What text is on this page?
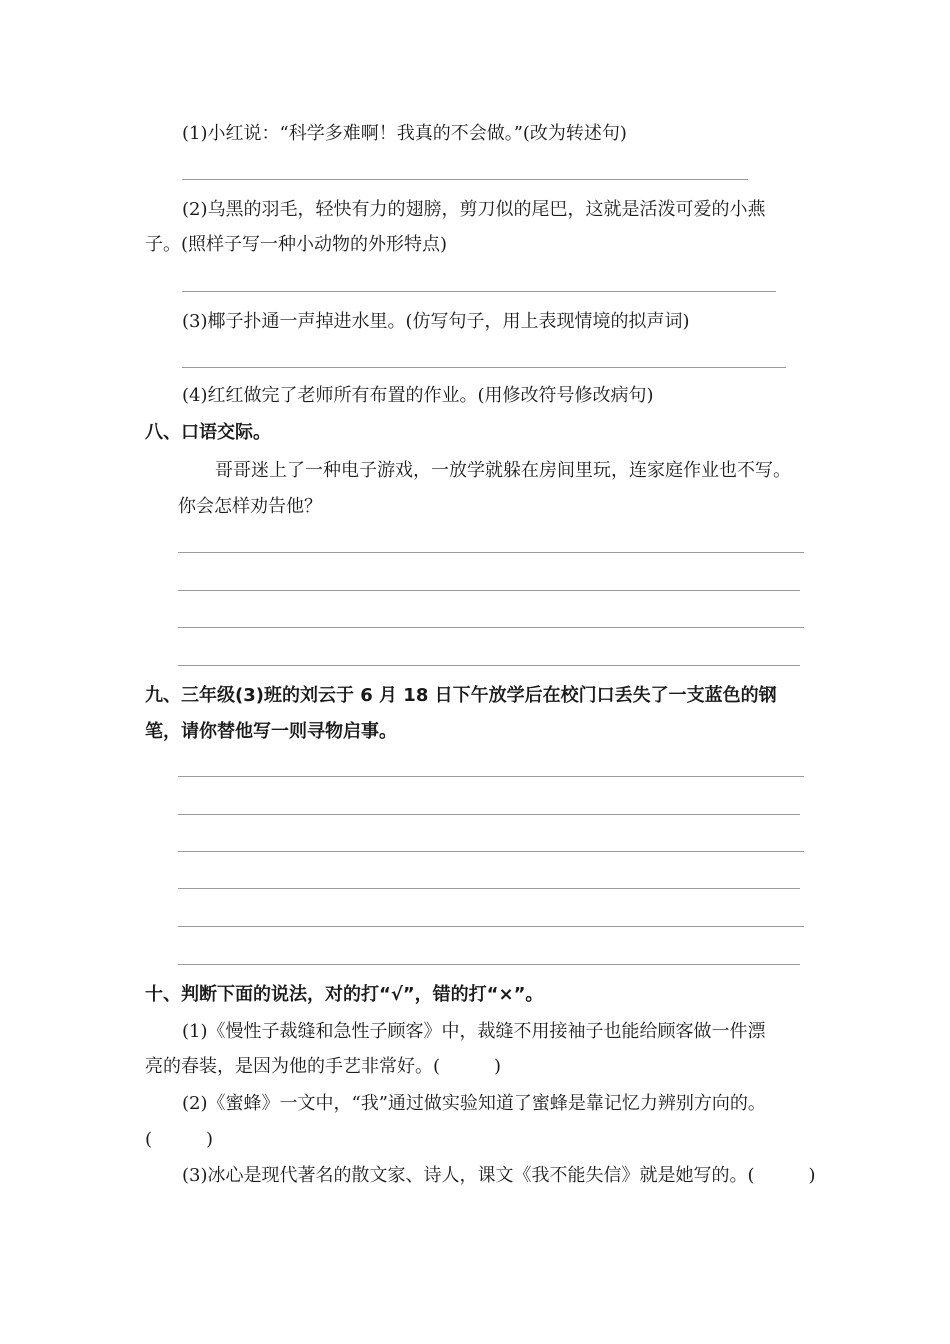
(1)小红说：“科学多难啊！我真的不会做。”(改为转述句)
(2)乌黑的羽毛，轻快有力的翅膀，剪刀似的尾巴，这就是活泼可爱的小燕
子。(照样子写一种小动物的外形特点)
(3)椰子扑通一声掉进水里。(仿写句子，用上表现情境的拟声词)
(4)红红做完了老师所有布置的作业。(用修改符号修改病句)
八、口语交际。
哥哥迷上了一种电子游戏，一放学就躲在房间里玩，连家庭作业也不写。
你会怎样劝告他？
九、三年级(3)班的刘云于 6 月 18 日下午放学后在校门口丢失了一支蓝色的钢
笔，请你替他写一则寻物启事。
十、判断下面的说法，对的打“√”，错的打“×”。
(1)《慢性子裁缝和急性子顾客》中，裁缝不用接袖子也能给顾客做一件漂
亮的春装，是因为他的手艺非常好。(　　　)
(2)《蜜蜂》一文中，“我”通过做实验知道了蜜蜂是靠记忆力辨别方向的。
(　　　)
(3)冰心是现代著名的散文家、诗人，课文《我不能失信》就是她写的。(　　　)
